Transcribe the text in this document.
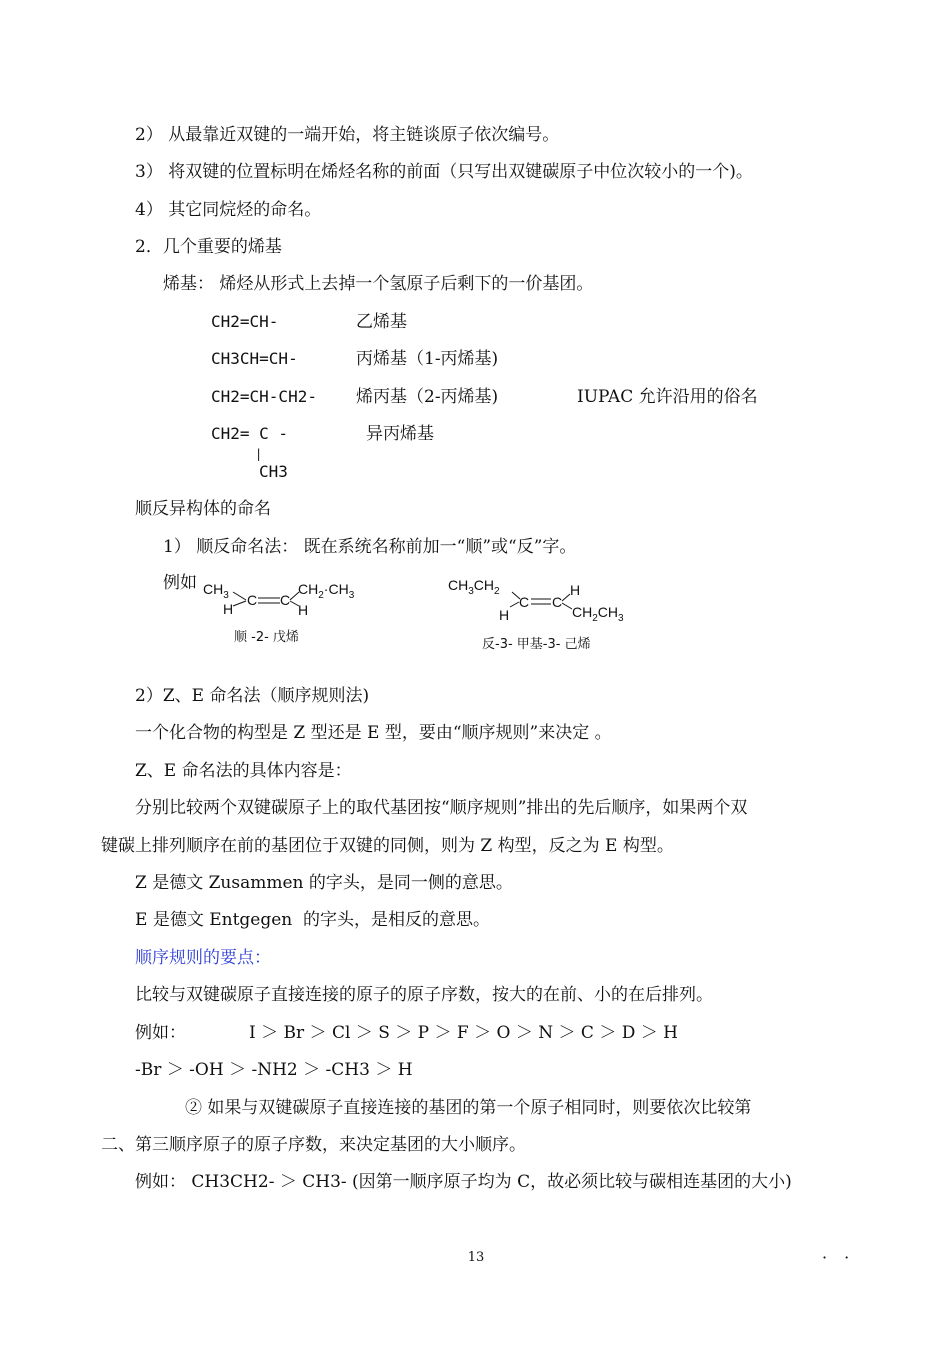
2） 从最靠近双键的一端开始，将主链谈原子依次编号。
3） 将双键的位置标明在烯烃名称的前面（只写出双键碳原子中位次较小的一个)。
4） 其它同烷烃的命名。
2．几个重要的烯基
烯基： 烯烃从形式上去掉一个氢原子后剩下的一价基团。
CH2=CH-	乙烯基
CH3CH=CH-	丙烯基（1-丙烯基)
CH2=CH-CH2- 烯丙基（2-丙烯基)	IUPAC 允许沿用的俗名
CH2= C -	异丙烯基
|
CH3
顺反异构体的命名
1） 顺反命名法： 既在系统名称前加一“顺”或“反”字。
例如 $CH_3$
H
C C
$CH_2\cdot CH_3$
H
顺 -2- 戊烯
$CH_3CH_2$
H
C C
H
$CH_2CH_3$
反-3- 甲基-3- 己烯
2）Z、E 命名法（顺序规则法)
一个化合物的构型是 Z 型还是 E 型，要由“顺序规则”来决定 。
Z、E 命名法的具体内容是：
分别比较两个双键碳原子上的取代基团按“顺序规则”排出的先后顺序，如果两个双
键碳上排列顺序在前的基团位于双键的同侧，则为 Z 构型，反之为 E 构型。
Z 是德文 Zusammen 的字头，是同一侧的意思。
E 是德文 Entgegen  的字头，是相反的意思。
顺序规则的要点：
比较与双键碳原子直接连接的原子的原子序数，按大的在前、小的在后排列。
例如：	I ＞ Br ＞ Cl ＞ S ＞ P ＞ F ＞ O ＞ N ＞ C ＞ D ＞ H
-Br ＞ -OH ＞ -NH2 ＞ -CH3 ＞ H
② 如果与双键碳原子直接连接的基团的第一个原子相同时，则要依次比较第
二、第三顺序原子的原子序数，来决定基团的大小顺序。
例如： CH3CH2- ＞ CH3- (因第一顺序原子均为 C，故必须比较与碳相连基团的大小)
13	· ·
